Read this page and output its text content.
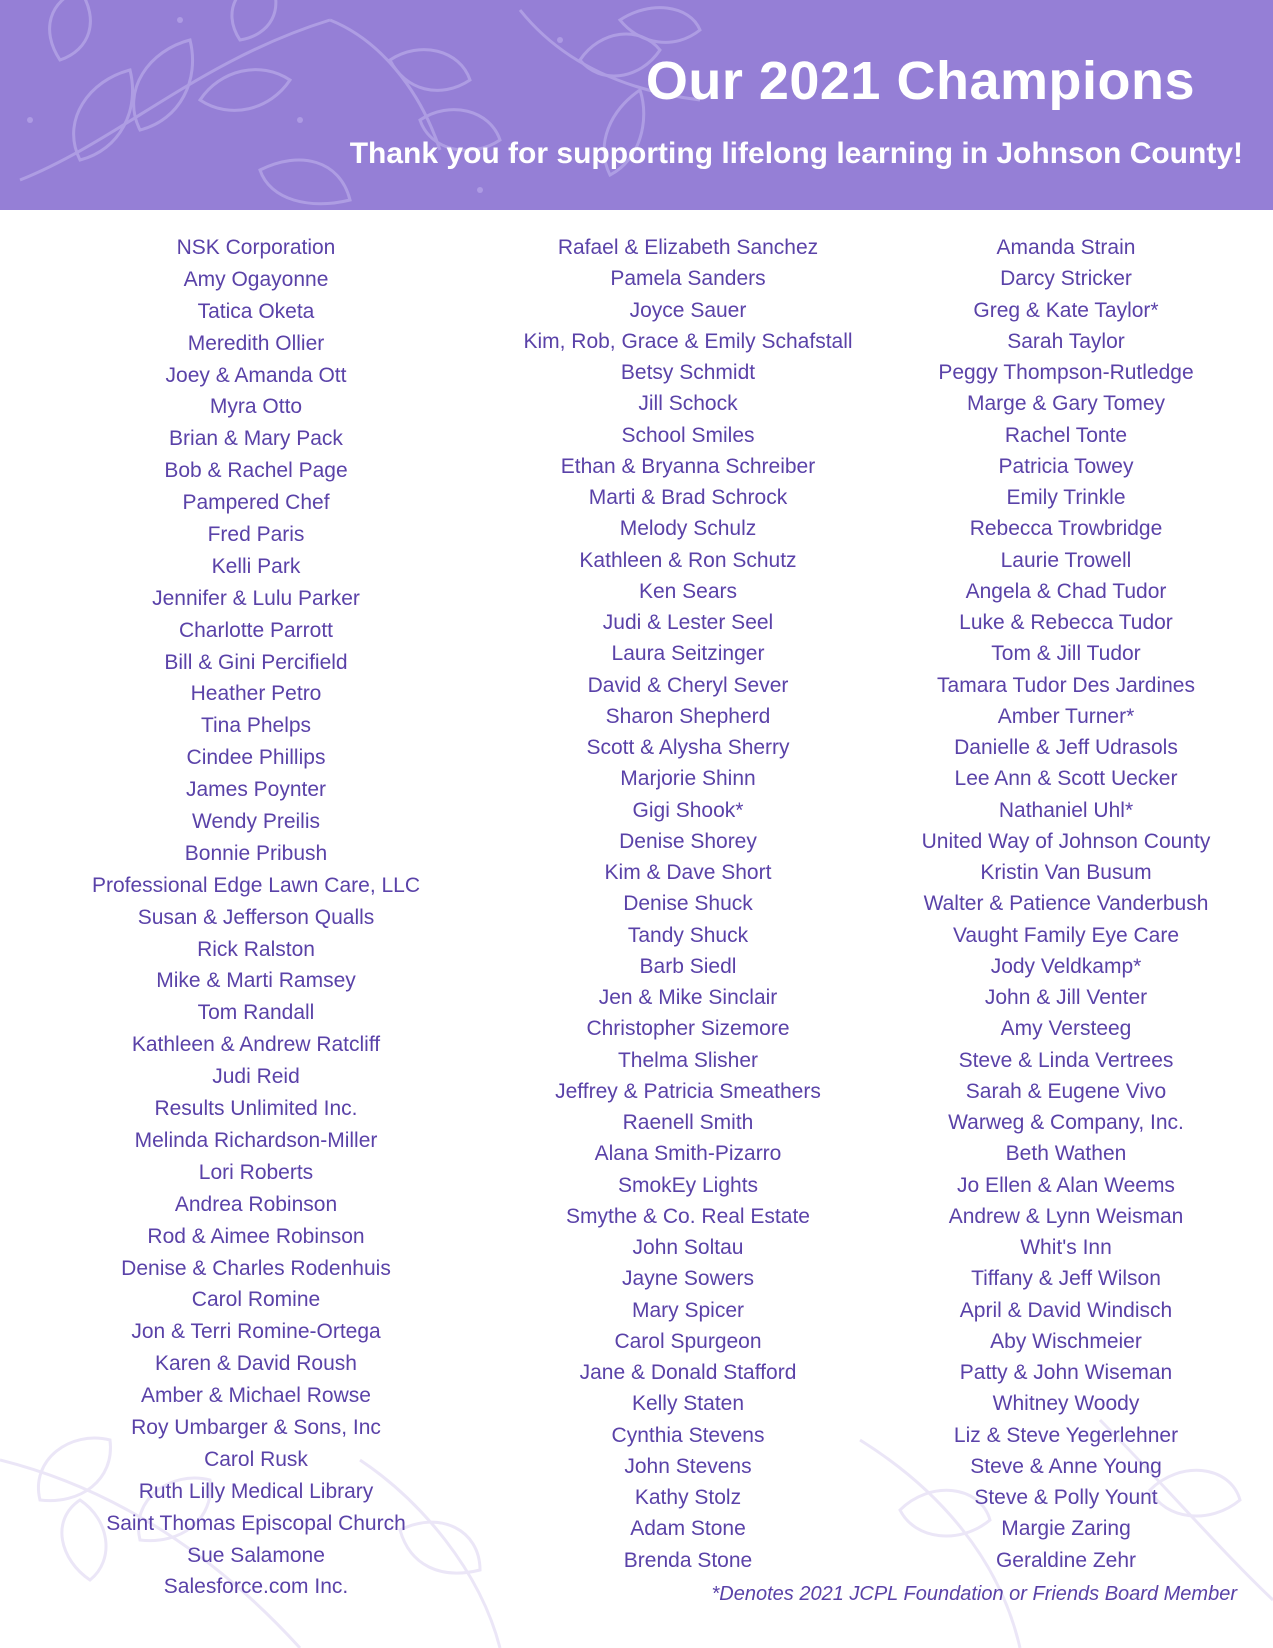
Our 2021 Champions
Thank you for supporting lifelong learning in Johnson County!
NSK Corporation
Amy Ogayonne
Tatica Oketa
Meredith Ollier
Joey & Amanda Ott
Myra Otto
Brian & Mary Pack
Bob & Rachel Page
Pampered Chef
Fred Paris
Kelli Park
Jennifer & Lulu Parker
Charlotte Parrott
Bill & Gini Percifield
Heather Petro
Tina Phelps
Cindee Phillips
James Poynter
Wendy Preilis
Bonnie Pribush
Professional Edge Lawn Care, LLC
Susan & Jefferson Qualls
Rick Ralston
Mike & Marti Ramsey
Tom Randall
Kathleen & Andrew Ratcliff
Judi Reid
Results Unlimited Inc.
Melinda Richardson-Miller
Lori Roberts
Andrea Robinson
Rod & Aimee Robinson
Denise & Charles Rodenhuis
Carol Romine
Jon & Terri Romine-Ortega
Karen & David Roush
Amber & Michael Rowse
Roy Umbarger & Sons, Inc
Carol Rusk
Ruth Lilly Medical Library
Saint Thomas Episcopal Church
Sue Salamone
Salesforce.com Inc.
Rafael & Elizabeth Sanchez
Pamela Sanders
Joyce Sauer
Kim, Rob, Grace & Emily Schafstall
Betsy Schmidt
Jill Schock
School Smiles
Ethan & Bryanna Schreiber
Marti & Brad Schrock
Melody Schulz
Kathleen & Ron Schutz
Ken Sears
Judi & Lester Seel
Laura Seitzinger
David & Cheryl Sever
Sharon Shepherd
Scott & Alysha Sherry
Marjorie Shinn
Gigi Shook*
Denise Shorey
Kim & Dave Short
Denise Shuck
Tandy Shuck
Barb Siedl
Jen & Mike Sinclair
Christopher Sizemore
Thelma Slisher
Jeffrey & Patricia Smeathers
Raenell Smith
Alana Smith-Pizarro
SmokEy Lights
Smythe & Co. Real Estate
John Soltau
Jayne Sowers
Mary Spicer
Carol Spurgeon
Jane & Donald Stafford
Kelly Staten
Cynthia Stevens
John Stevens
Kathy Stolz
Adam Stone
Brenda Stone
Amanda Strain
Darcy Stricker
Greg & Kate Taylor*
Sarah Taylor
Peggy Thompson-Rutledge
Marge & Gary Tomey
Rachel Tonte
Patricia Towey
Emily Trinkle
Rebecca Trowbridge
Laurie Trowell
Angela & Chad Tudor
Luke & Rebecca Tudor
Tom & Jill Tudor
Tamara Tudor Des Jardines
Amber Turner*
Danielle & Jeff Udrasols
Lee Ann & Scott Uecker
Nathaniel Uhl*
United Way of Johnson County
Kristin Van Busum
Walter & Patience Vanderbush
Vaught Family Eye Care
Jody Veldkamp*
John & Jill Venter
Amy Versteeg
Steve & Linda Vertrees
Sarah & Eugene Vivo
Warweg & Company, Inc.
Beth Wathen
Jo Ellen & Alan Weems
Andrew & Lynn Weisman
Whit's Inn
Tiffany & Jeff Wilson
April & David Windisch
Aby Wischmeier
Patty & John Wiseman
Whitney Woody
Liz & Steve Yegerlehner
Steve & Anne Young
Steve & Polly Yount
Margie Zaring
Geraldine Zehr
*Denotes 2021 JCPL Foundation or Friends Board Member
